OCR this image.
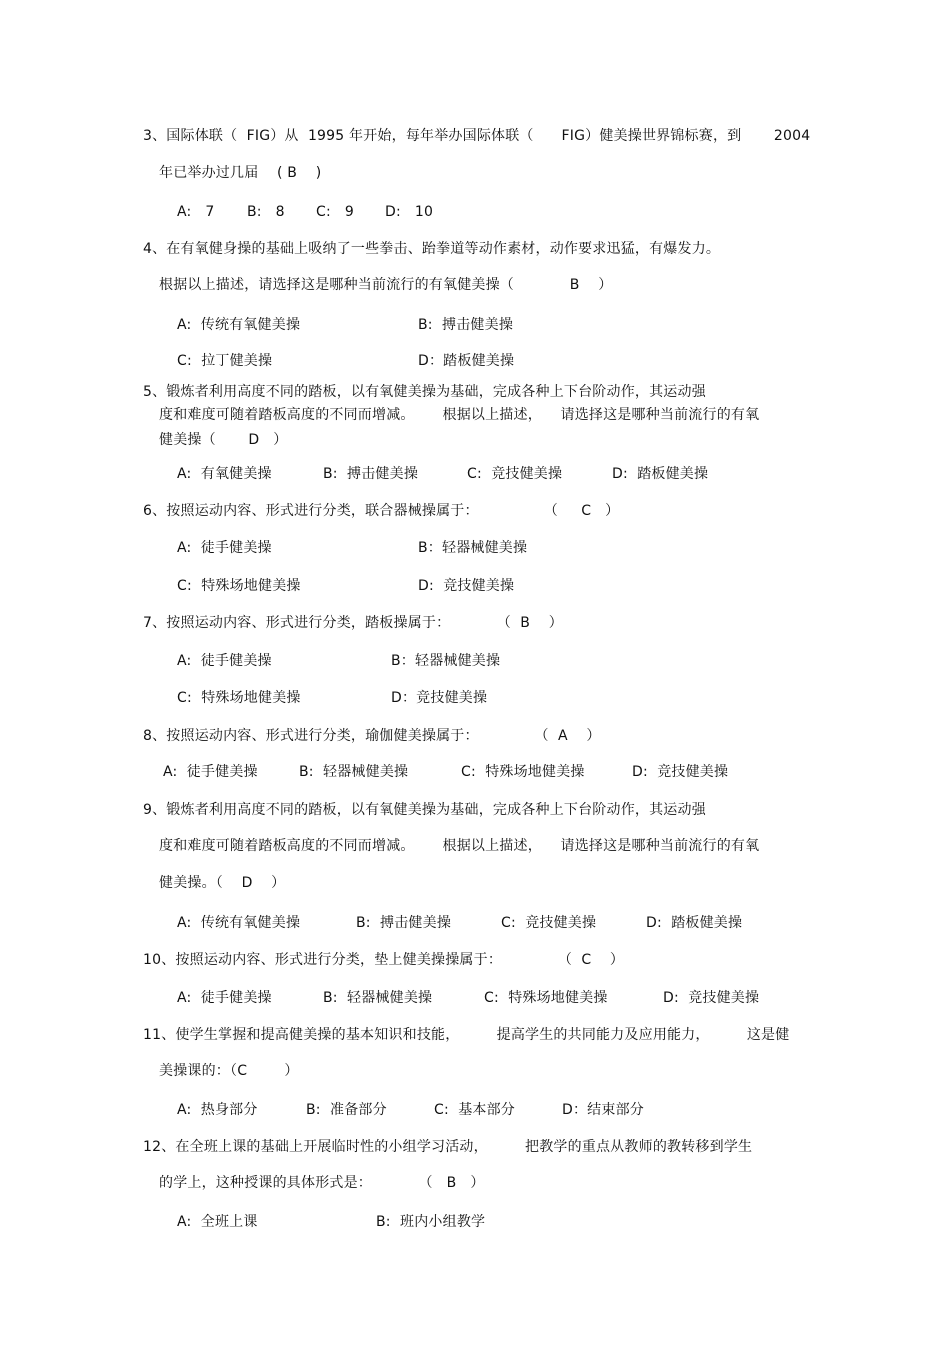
3、国际体联（  FIG）从  1995 年开始，每年举办国际体联（      FIG）健美操世界锦标赛，到       2004
年已举办过几届    ( B    )
A:   7 B:   8 C:   9 D:   10
4、在有氧健身操的基础上吸纳了一些拳击、跆拳道等动作素材，动作要求迅猛，有爆发力。
根据以上描述，请选择这是哪种当前流行的有氧健美操（            B    ）
A:  传统有氧健美操	B:  搏击健美操
C:  拉丁健美操	D：踏板健美操
5、锻炼者利用高度不同的踏板，以有氧健美操为基础，完成各种上下台阶动作，其运动强
度和难度可随着踏板高度的不同而增减。      根据以上描述，    请选择这是哪种当前流行的有氧
健美操（       D   ）
A:  有氧健美操	B:  搏击健美操	C:  竞技健美操	D:  踏板健美操
6、按照运动内容、形式进行分类，联合器械操属于：              （     C   ）
A:  徒手健美操	B：轻器械健美操
C:  特殊场地健美操	D:  竞技健美操
7、按照运动内容、形式进行分类，踏板操属于：          （  B    ）
A:  徒手健美操	B：轻器械健美操
C:  特殊场地健美操	D：竞技健美操
8、按照运动内容、形式进行分类，瑜伽健美操属于：            （  A    ）
A:  徒手健美操	B:  轻器械健美操	C:  特殊场地健美操	D:  竞技健美操
9、锻炼者利用高度不同的踏板，以有氧健美操为基础，完成各种上下台阶动作，其运动强
度和难度可随着踏板高度的不同而增减。      根据以上描述，    请选择这是哪种当前流行的有氧
健美操。（    D    ）
A:  传统有氧健美操	B:  搏击健美操	C:  竞技健美操	D:  踏板健美操
10、按照运动内容、形式进行分类，垫上健美操操属于：            （  C    ）
A:  徒手健美操	B:  轻器械健美操	C:  特殊场地健美操	D:  竞技健美操
11、使学生掌握和提高健美操的基本知识和技能，        提高学生的共同能力及应用能力，        这是健
美操课的：（C        ）
A:  热身部分	B:  准备部分	C:  基本部分	D：结束部分
12、在全班上课的基础上开展临时性的小组学习活动，        把教学的重点从教师的教转移到学生
的学上，这种授课的具体形式是：          （   B   ）
A:  全班上课	B:  班内小组教学
